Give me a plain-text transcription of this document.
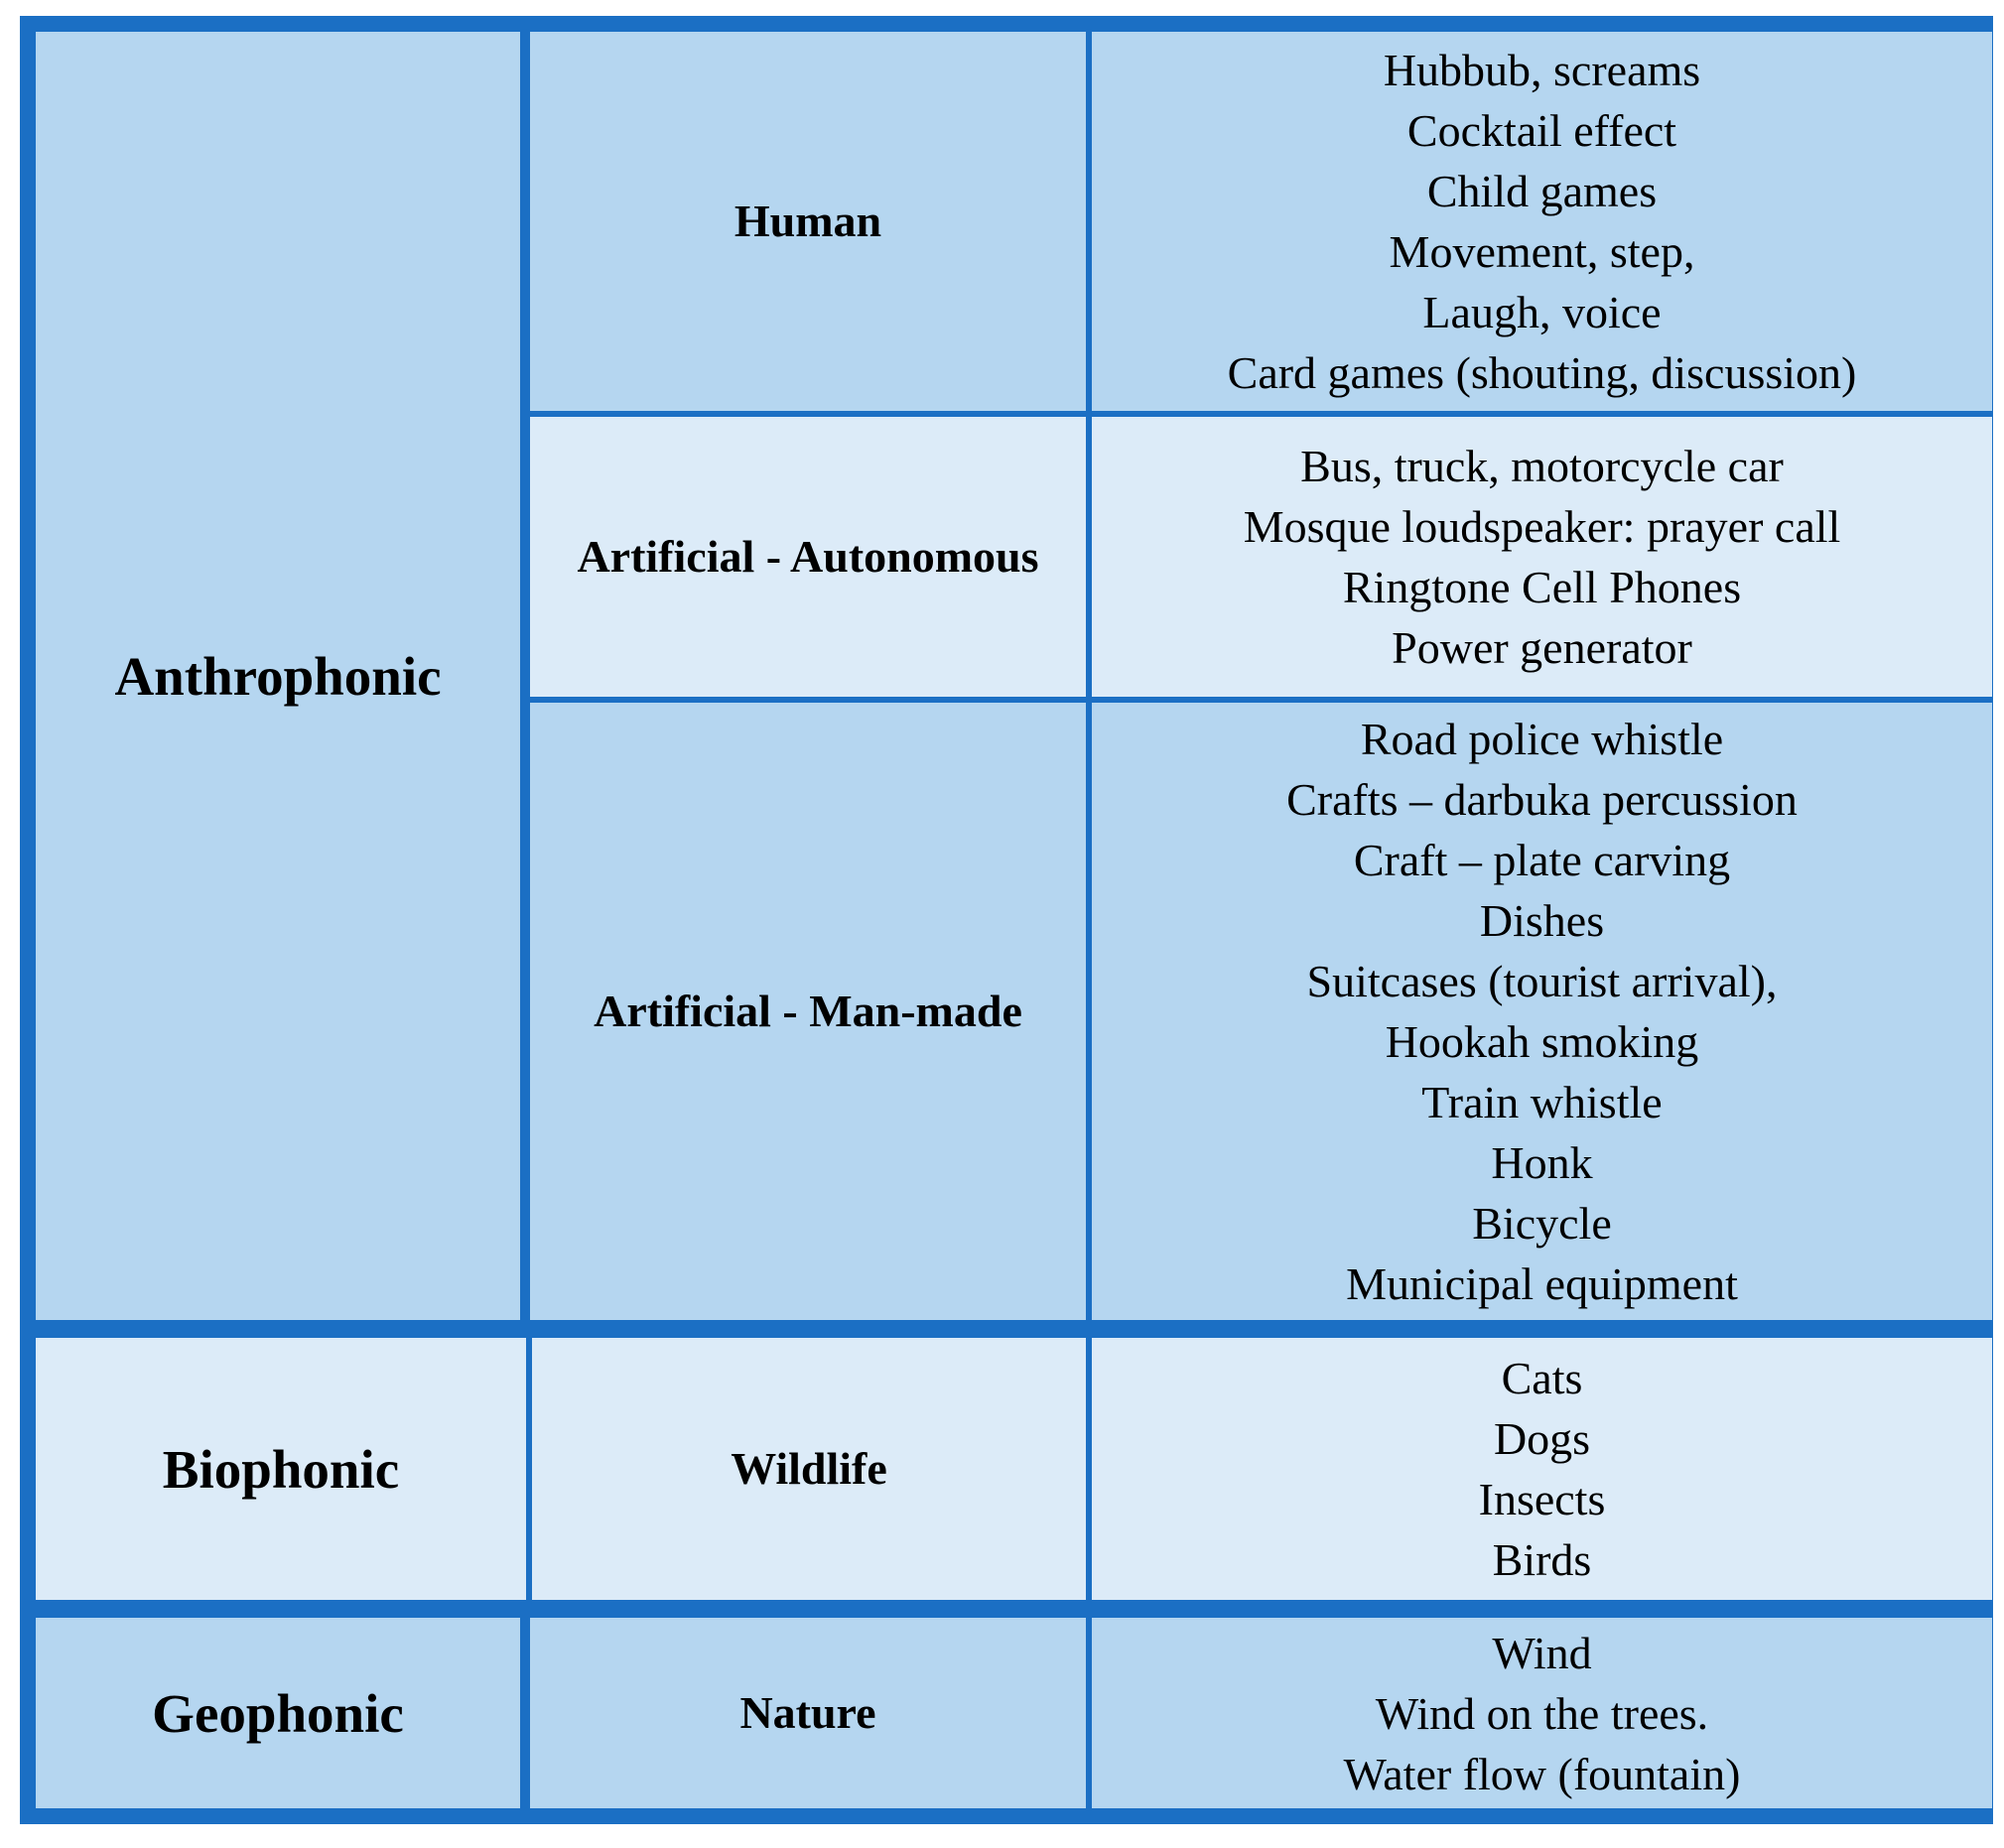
Anthrophonic
Human
Hubbub, screams
Cocktail effect
Child games
Movement, step,
Laugh, voice
Card games (shouting, discussion)
Artificial - Autonomous
Bus, truck, motorcycle car
Mosque loudspeaker: prayer call
Ringtone Cell Phones
Power generator
Artificial - Man-made
Road police whistle
Crafts – darbuka percussion
Craft – plate carving
Dishes
Suitcases (tourist arrival),
Hookah smoking
Train whistle
Honk
Bicycle
Municipal equipment
Biophonic	Wildlife
Cats
Dogs
Insects
Birds
Geophonic	Nature
Wind
Wind on the trees.
Water flow (fountain)
